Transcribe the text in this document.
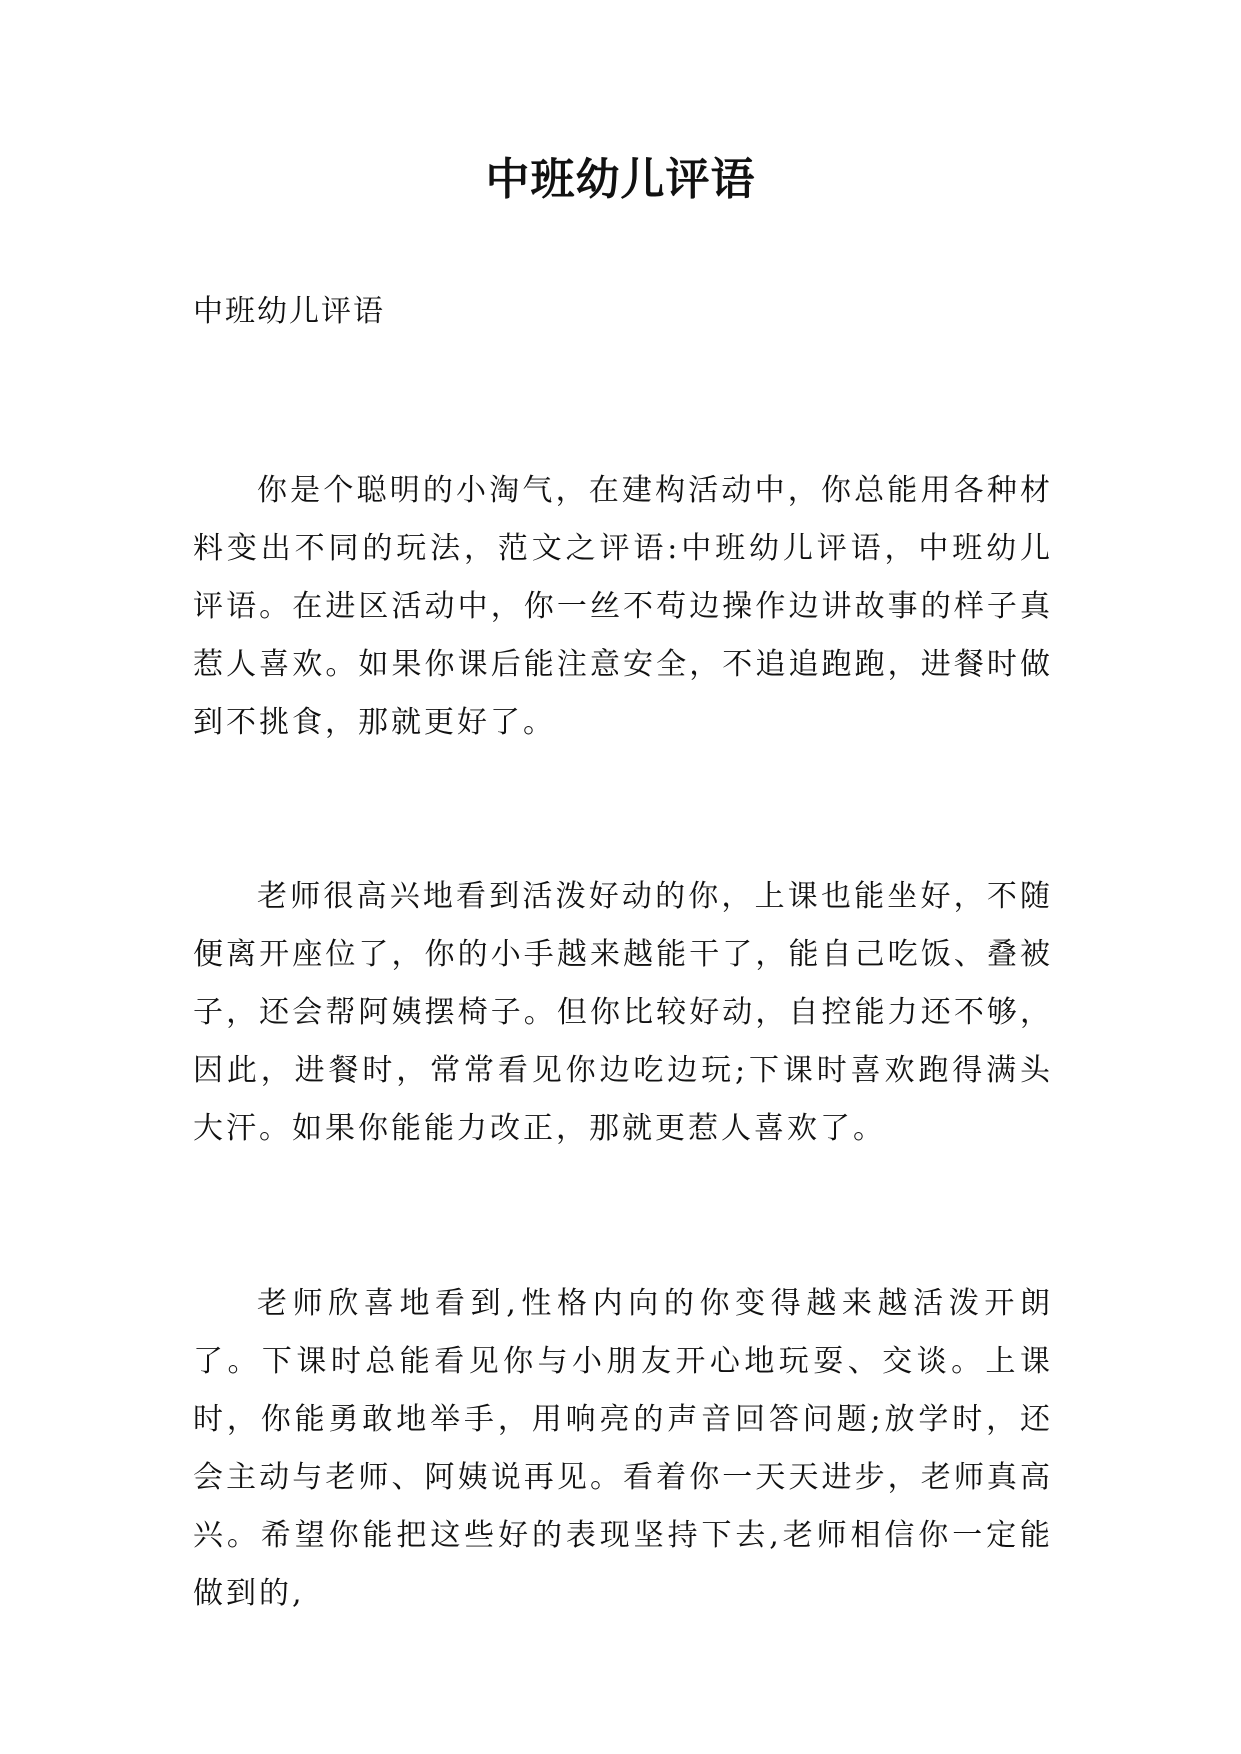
中班幼儿评语

中班幼儿评语

你是个聪明的小淘气，在建构活动中，你总能用各种材料变出不同的玩法，范文之评语:中班幼儿评语，中班幼儿评语。在进区活动中，你一丝不苟边操作边讲故事的样子真惹人喜欢。如果你课后能注意安全，不追追跑跑，进餐时做到不挑食，那就更好了。

老师很高兴地看到活泼好动的你，上课也能坐好，不随便离开座位了，你的小手越来越能干了，能自己吃饭、叠被子，还会帮阿姨摆椅子。但你比较好动，自控能力还不够，因此，进餐时，常常看见你边吃边玩;下课时喜欢跑得满头大汗。如果你能能力改正，那就更惹人喜欢了。

老师欣喜地看到,性格内向的你变得越来越活泼开朗了。下课时总能看见你与小朋友开心地玩耍、交谈。上课时，你能勇敢地举手，用响亮的声音回答问题;放学时，还会主动与老师、阿姨说再见。看着你一天天进步，老师真高兴。希望你能把这些好的表现坚持下去,老师相信你一定能做到的,
